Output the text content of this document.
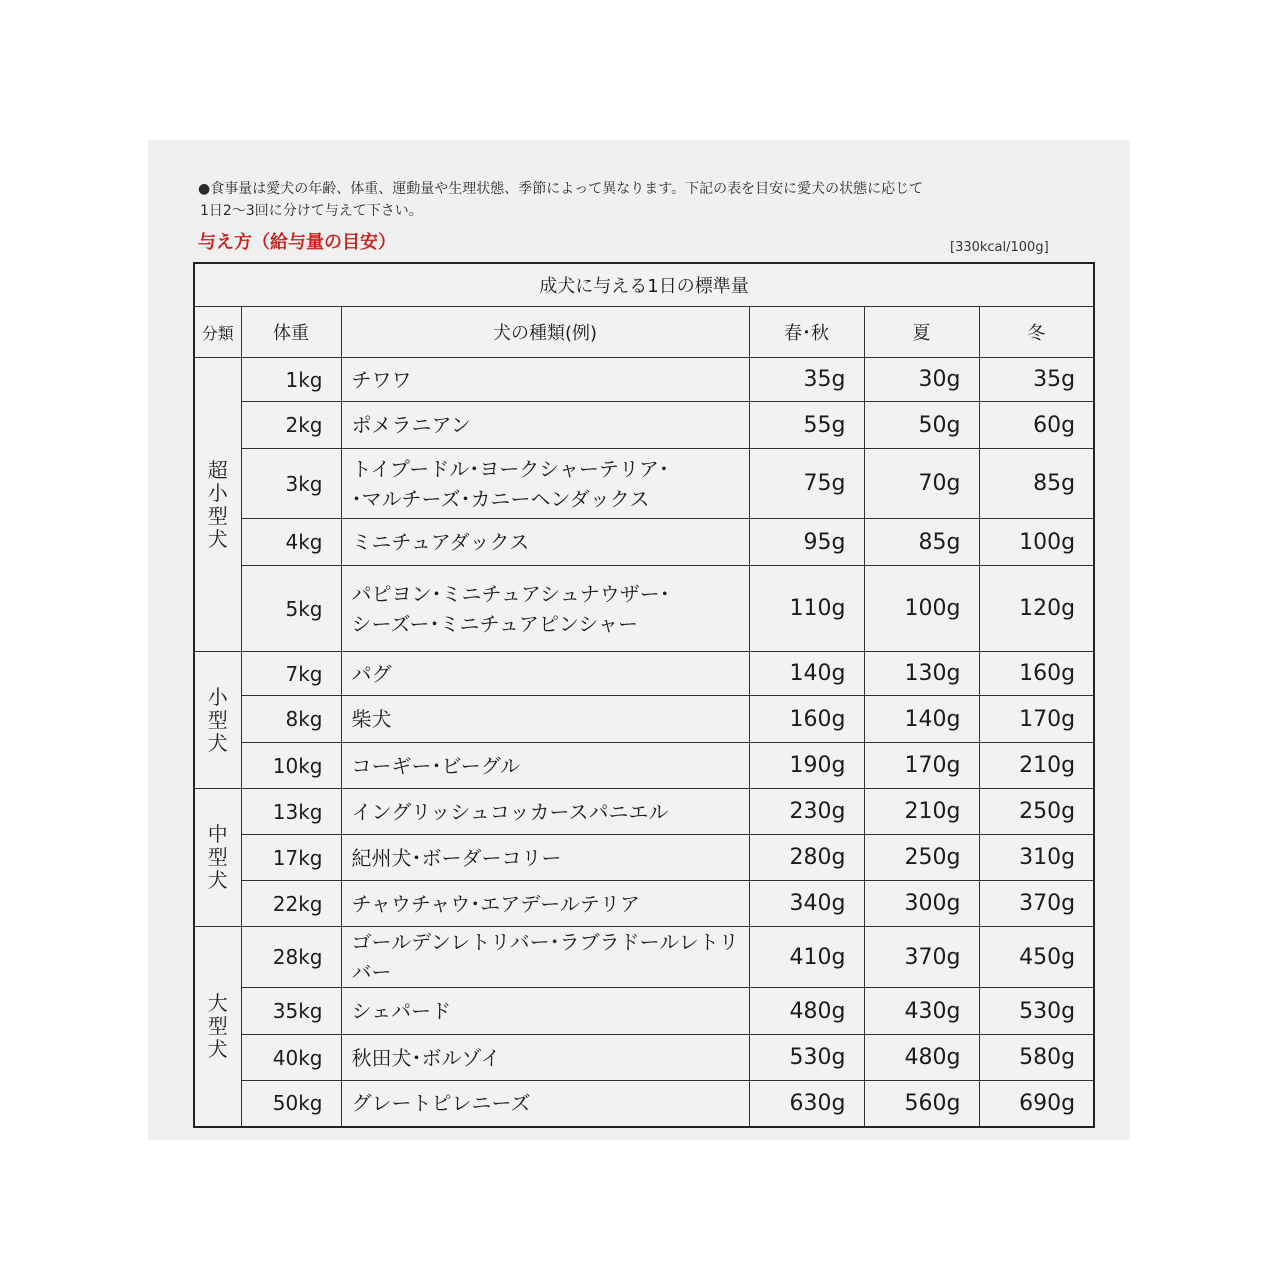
●食事量は愛犬の年齢、体重、運動量や生理状態、季節によって異なります。下記の表を目安に愛犬の状態に応じて
1日2～3回に分けて与えて下さい。
与え方（給与量の目安）	[330kcal/100g]
成犬に与える1日の標準量					
分類	体重	犬の種類(例)	春･秋	夏	冬
超小型犬	1kg	チワワ	35g	30g	35g
	2kg	ポメラニアン	55g	50g	60g
	3kg	トイプードル･ヨークシャーテリア･
･マルチーズ･カニーヘンダックス	75g	70g	85g
	4kg	ミニチュアダックス	95g	85g	100g
	5kg	パピヨン･ミニチュアシュナウザー･
シーズー･ミニチュアピンシャー	110g	100g	120g
小型犬	7kg	パグ	140g	130g	160g
	8kg	柴犬	160g	140g	170g
	10kg	コーギー･ビーグル	190g	170g	210g
中型犬	13kg	イングリッシュコッカースパニエル	230g	210g	250g
	17kg	紀州犬･ボーダーコリー	280g	250g	310g
	22kg	チャウチャウ･エアデールテリア	340g	300g	370g
大型犬	28kg	ゴールデンレトリバー･ラブラドールレトリバー	410g	370g	450g
	35kg	シェパード	480g	430g	530g
	40kg	秋田犬･ボルゾイ	530g	480g	580g
	50kg	グレートピレニーズ	630g	560g	690g
